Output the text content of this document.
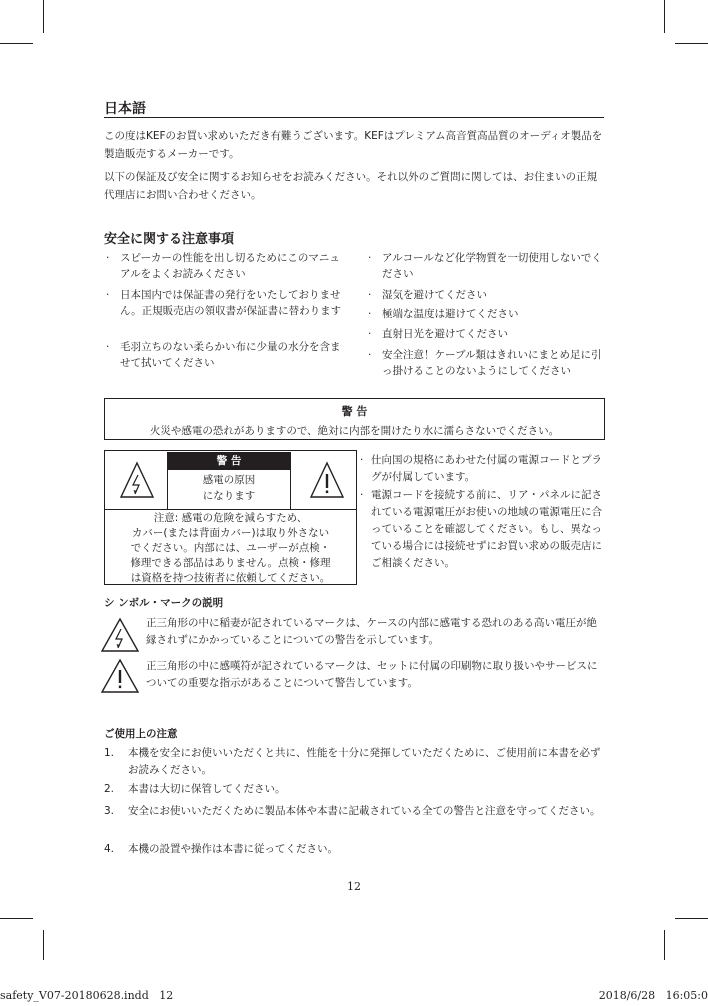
日本語
この度はKEFのお買い求めいただき有難うございます。KEFはプレミアム高音質高品質のオーディオ製品を製造販売するメーカーです。
以下の保証及び安全に関するお知らせをお読みください。それ以外のご質問に関しては、お住まいの正規代理店にお問い合わせください。
安全に関する注意事項
·	スピーカーの性能を出し切るためにこのマニュアルをよくお読みください
·	日本国内では保証書の発行をいたしておりません。正規販売店の領収書が保証書に替わります
·	毛羽立ちのない柔らかい布に少量の水分を含ませて拭いてください
·	アルコールなど化学物質を一切使用しないでください
·	湿気を避けてください
·	極端な温度は避けてください
·	直射日光を避けてください
·	安全注意！ケーブル類はきれいにまとめ足に引っ掛けることのないようにしてください
警 告
火災や感電の恐れがありますので、絶対に内部を開けたり水に濡らさないでください。
警 告
感電の原因
になります
注意: 感電の危険を減らすため、
カバー(または背面カバー)は取り外さない
でください。内部には、ユーザーが点検・
修理できる部品はありません。点検・修理
は資格を持つ技術者に依頼してください。
· 仕向国の規格にあわせた付属の電源コードとプラグが付属しています。
· 電源コードを接続する前に、リア・パネルに記されている電源電圧がお使いの地域の電源電圧に合っていることを確認してください。もし、異なっている場合には接続せずにお買い求めの販売店にご相談ください。
シ ンボル・マークの説明
正三角形の中に稲妻が記されているマークは、ケースの内部に感電する恐れのある高い電圧が絶縁されずにかかっていることについての警告を示しています。
正三角形の中に感嘆符が記されているマークは、セットに付属の印刷物に取り扱いやサービスについての重要な指示があることについて警告しています。
ご使用上の注意
1.	本機を安全にお使いいただくと共に、性能を十分に発揮していただくために、ご使用前に本書を必ずお読みください。
2.	本書は大切に保管してください。
3.	安全にお使いいただくために製品本体や本書に記載されている全ての警告と注意を守ってください。
4.	本機の設置や操作は本書に従ってください。
12
safety_V07-20180628.indd   12	2018/6/28   16:05:0
